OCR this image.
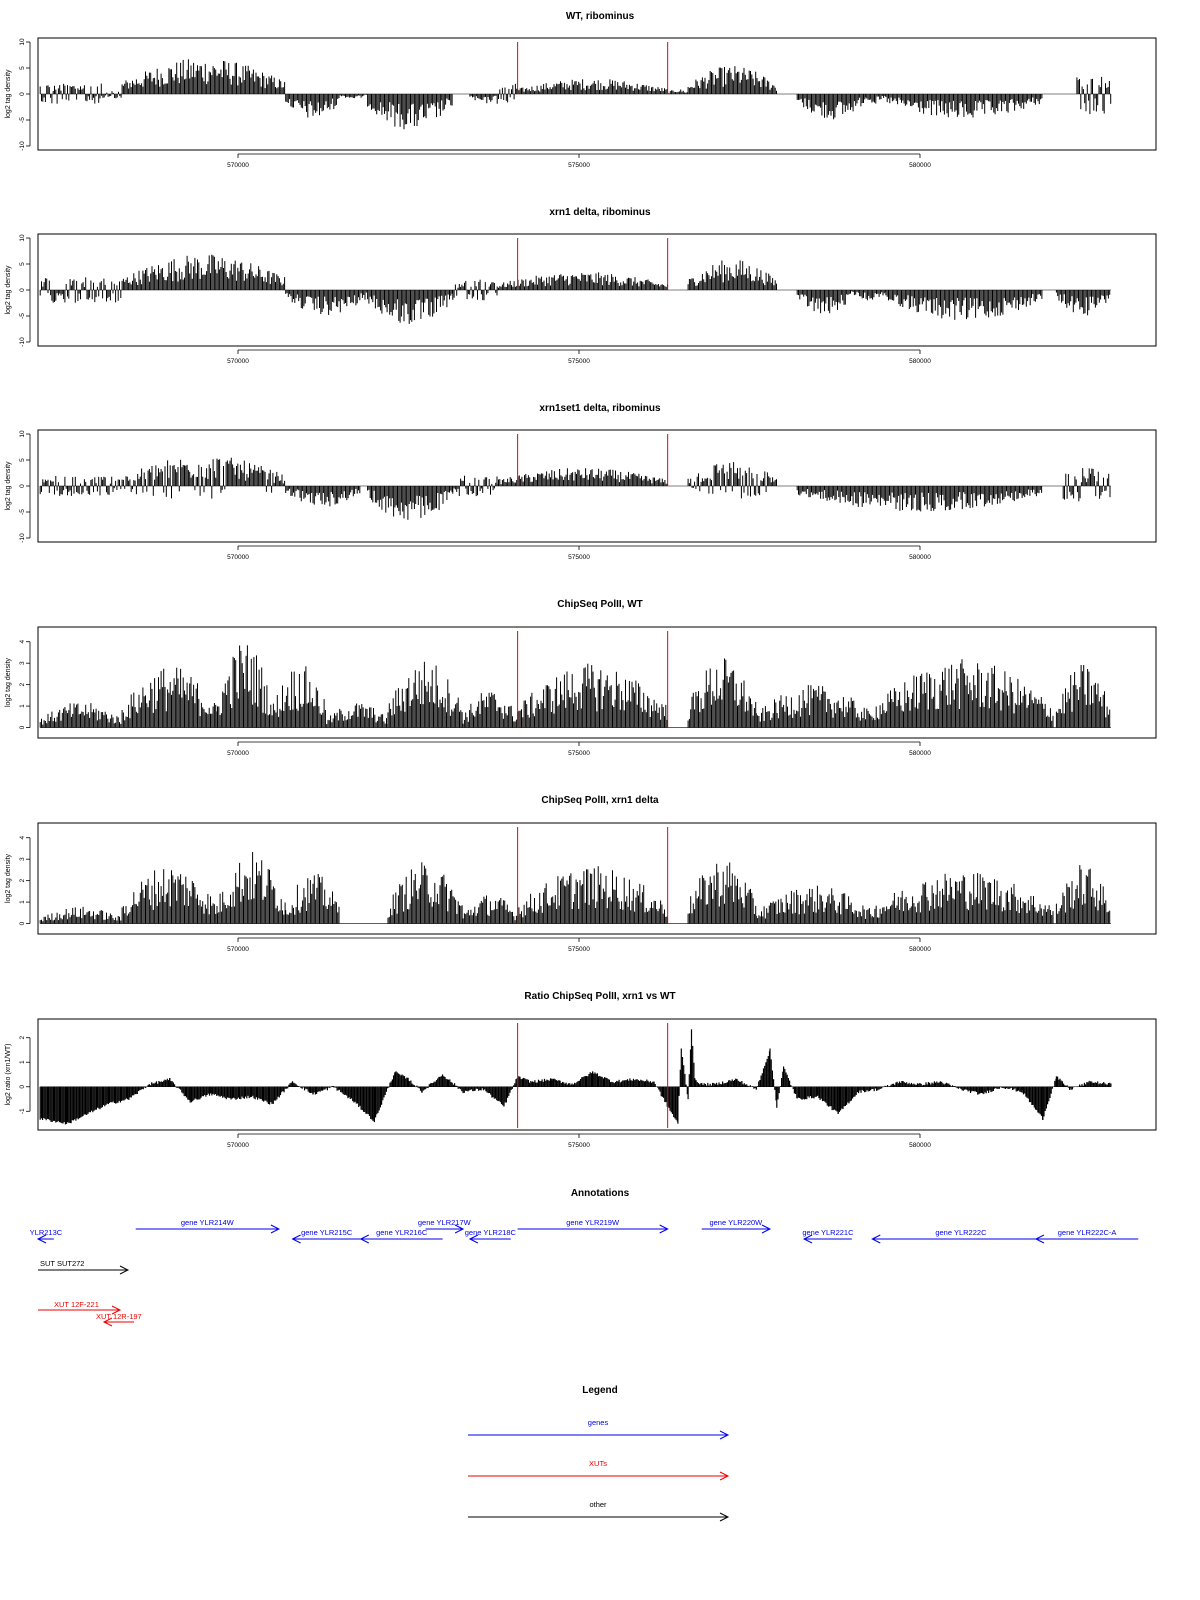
WT, ribominus
-10
-5
0
5
10
log2 tag density
570000	575000	580000
xrn1 delta, ribominus
-10
-5
0
5
10
log2 tag density
570000	575000	580000
xrn1set1 delta, ribominus
-10
-5
0
5
10
log2 tag density
570000	575000	580000
ChipSeq PolII, WT
0
1
2
3
4
log2 tag density
570000	575000	580000
ChipSeq PolII, xrn1 delta
0
1
2
3
4
log2 tag density
570000	575000	580000
Ratio ChipSeq PolII, xrn1 vs WT
-1
0
1
2
log2 ratio (xrn1/WT)
570000	575000	580000
Annotations
YLR213C
gene YLR214W
gene YLR215C	gene YLR216C
gene YLR217W
gene YLR218C
gene YLR219W	gene YLR220W
gene YLR221C	gene YLR222C	gene YLR222C-A
SUT SUT272
XUT 12F-221
XUT 12R-197
Legend
genes
XUTs
other
